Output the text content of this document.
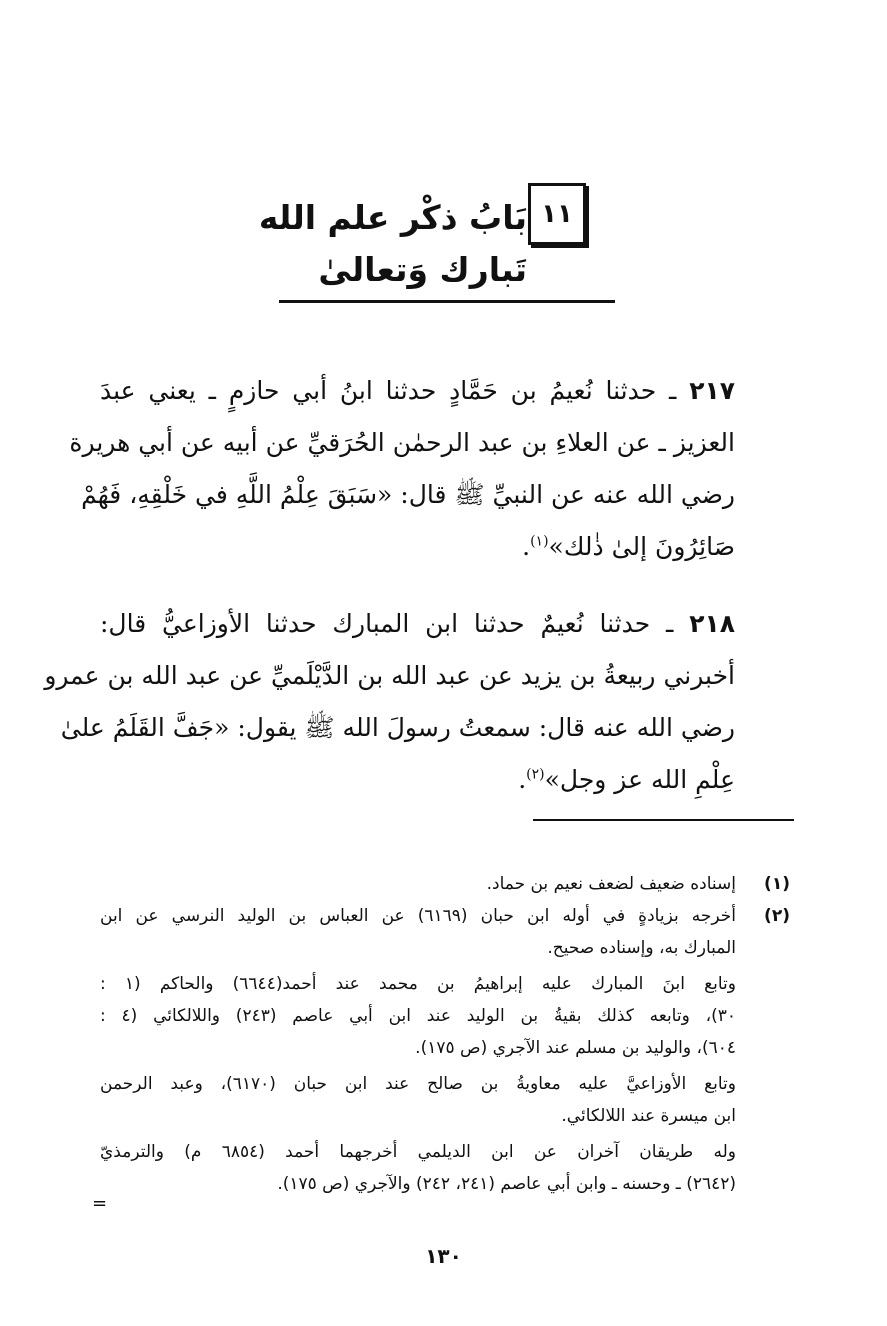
١١
بَابُ ذكْر علم الله
تَبارك وَتعالىٰ
٢١٧ ـ حدثنا نُعيمُ بن حَمَّادٍ حدثنا ابنُ أبي حازمٍ ـ يعني عبدَ
العزيز ـ عن العلاءِ بن عبد الرحمٰن الحُرَقيِّ عن أبيه عن أبي هريرة
رضي الله عنه عن النبيِّ ﷺ قال: «سَبَقَ عِلْمُ اللَّهِ في خَلْقِهِ، فَهُمْ
صَائِرُونَ إلىٰ ذٰلك»$^{(١)}$.
٢١٨ ـ حدثنا نُعيمٌ حدثنا ابن المبارك حدثنا الأوزاعيُّ قال:
أخبرني ربيعةُ بن يزيد عن عبد الله بن الدَّيْلَميِّ عن عبد الله بن عمرو
رضي الله عنه قال: سمعتُ رسولَ الله ﷺ يقول: «جَفَّ القَلَمُ علىٰ
عِلْمِ الله عز وجل»$^{(٢)}$.
(١)
إسناده ضعيف لضعف نعيم بن حماد.
(٢)
أخرجه بزيادةٍ في أوله ابن حبان (٦١٦٩) عن العباس بن الوليد النرسي عن ابن
المبارك به، وإسناده صحيح.
وتابع ابنَ المبارك عليه إبراهيمُ بن محمد عند أحمد(٦٦٤٤) والحاكم (١ :
٣٠)، وتابعه كذلك بقيةُ بن الوليد عند ابن أبي عاصم (٢٤٣) واللالكائي (٤ :
٦٠٤)، والوليد بن مسلم عند الآجري (ص ١٧٥).
وتابع الأوزاعيَّ عليه معاويةُ بن صالح عند ابن حبان (٦١٧٠)، وعبد الرحمن
ابن ميسرة عند اللالكائي.
وله طريقان آخران عن ابن الديلمي أخرجهما أحمد (٦٨٥٤ م) والترمذيّ
(٢٦٤٢) ـ وحسنه ـ وابن أبي عاصم (٢٤١، ٢٤٢) والآجري (ص ١٧٥).
=
١٣٠
